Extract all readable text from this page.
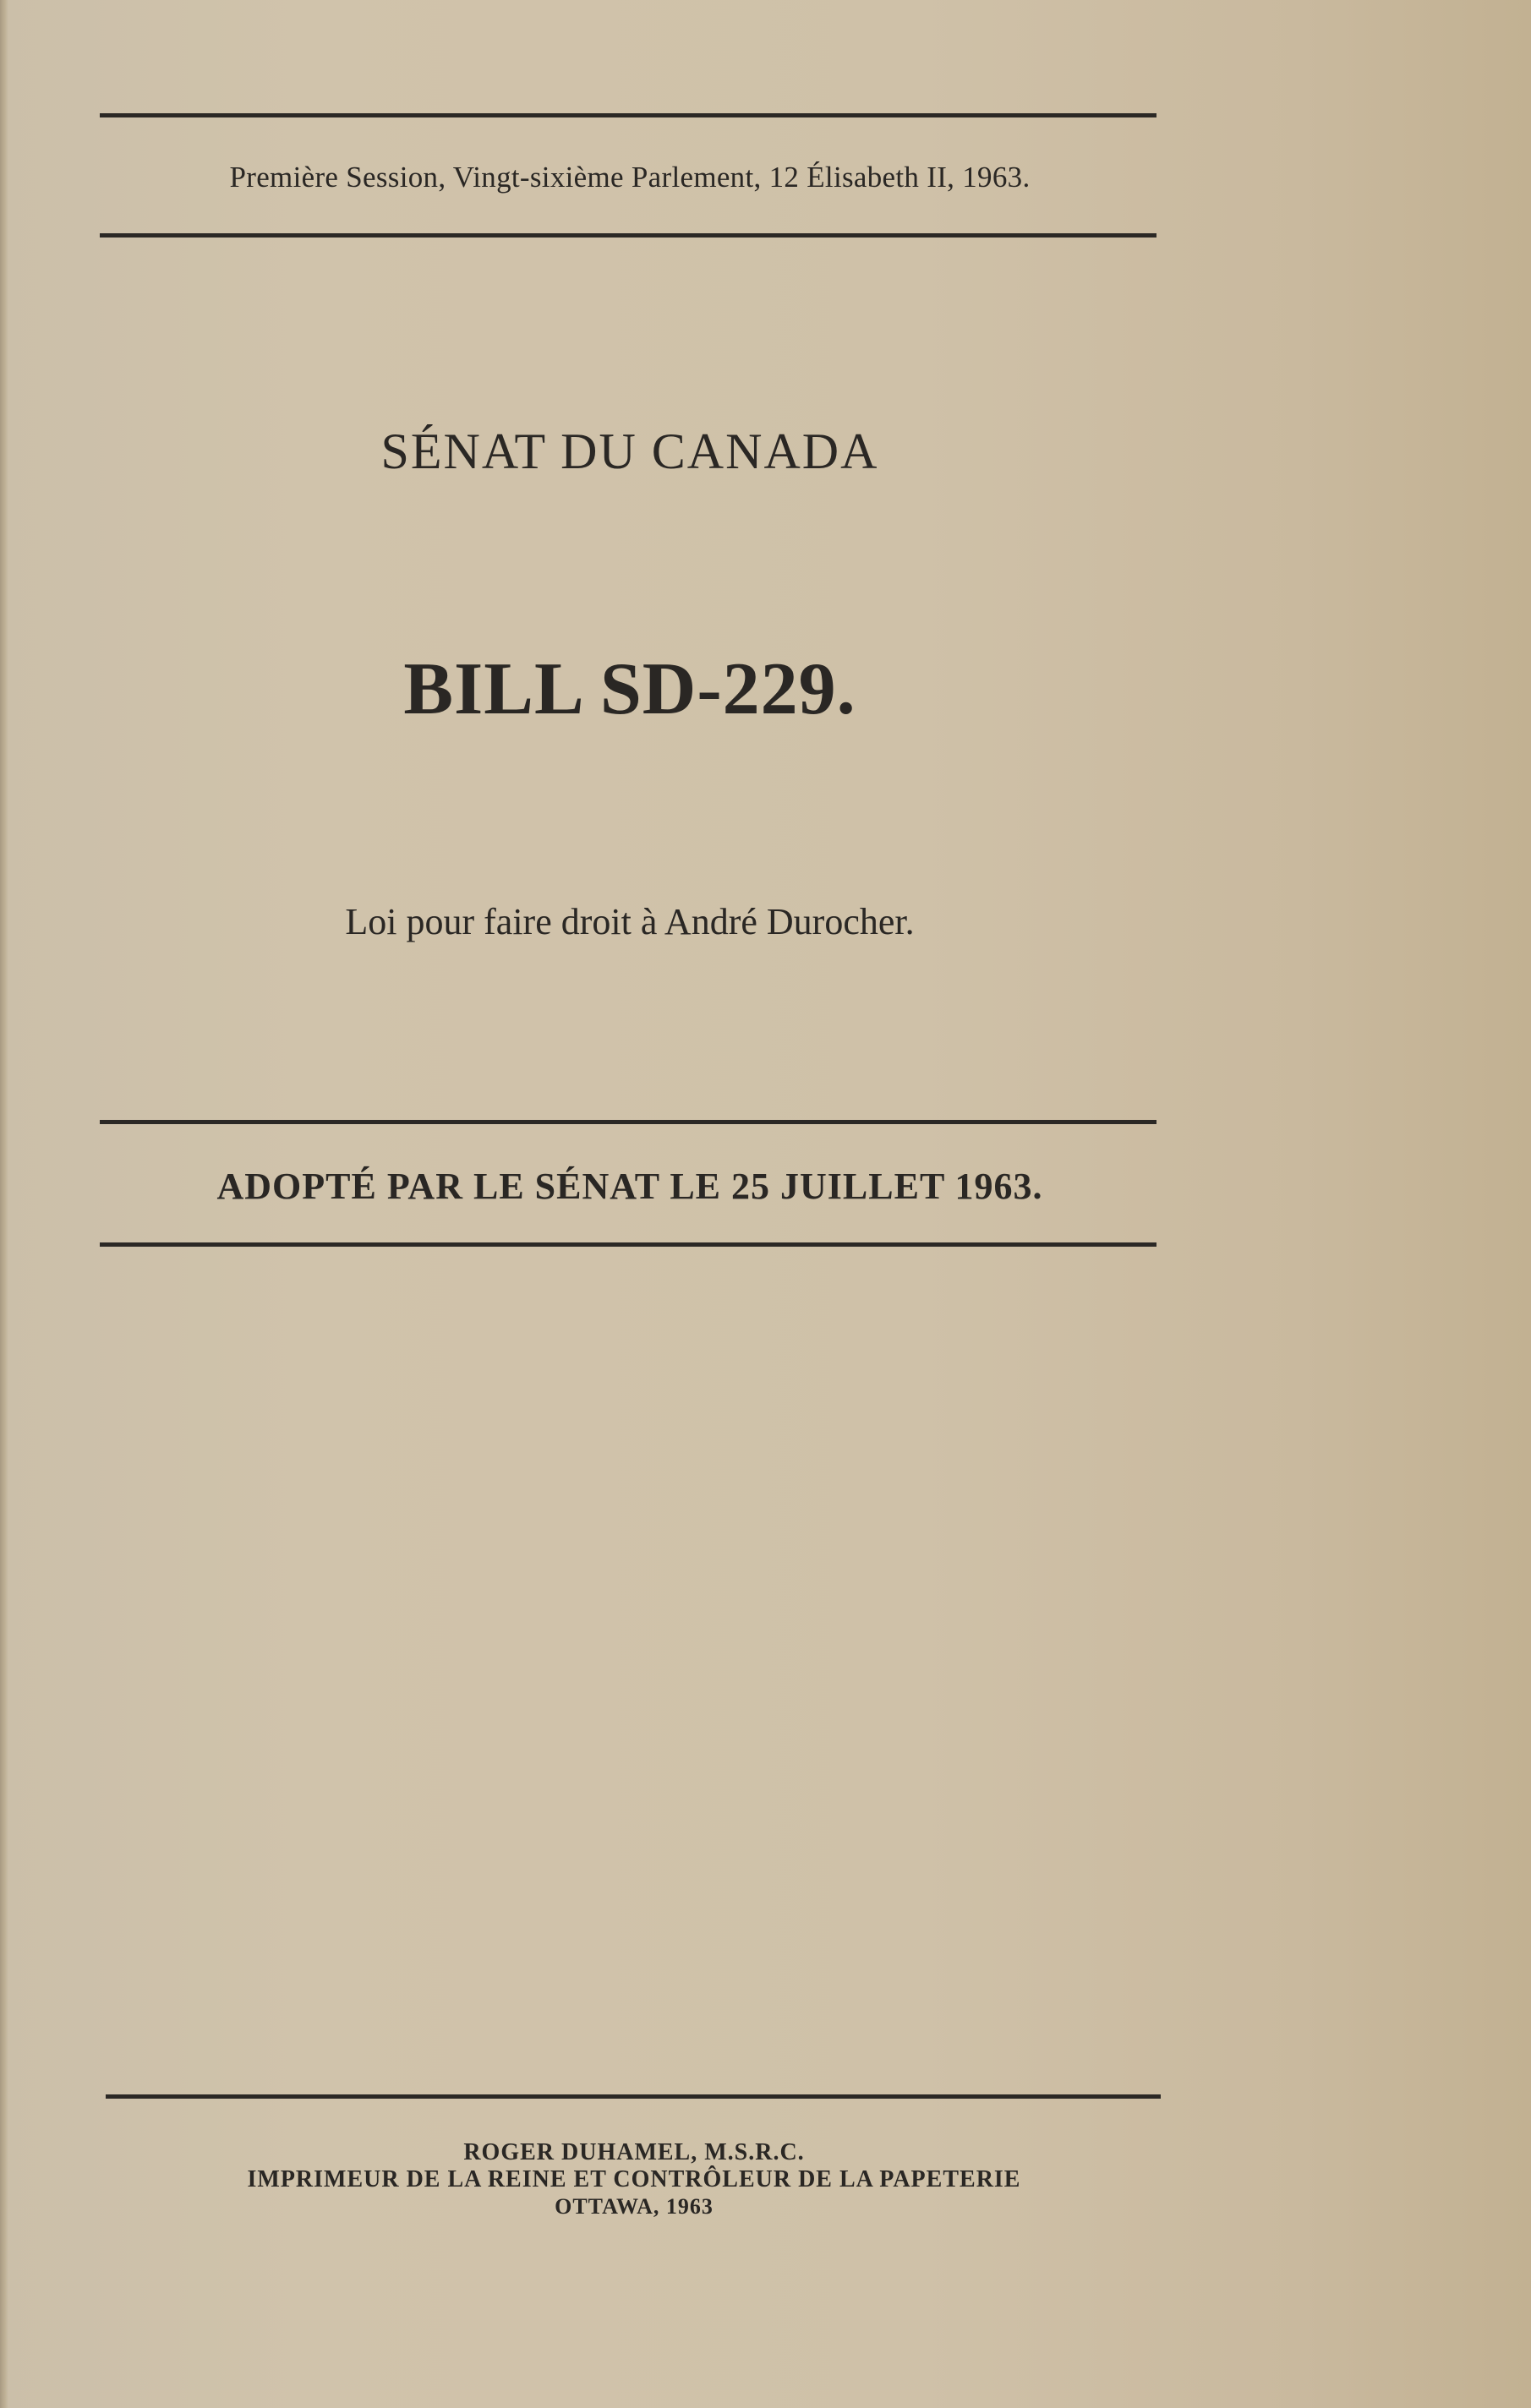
Première Session, Vingt-sixième Parlement, 12 Élisabeth II, 1963.
SÉNAT DU CANADA
BILL SD-229.
Loi pour faire droit à André Durocher.
ADOPTÉ PAR LE SÉNAT LE 25 JUILLET 1963.
ROGER DUHAMEL, M.S.R.C.
IMPRIMEUR DE LA REINE ET CONTRÔLEUR DE LA PAPETERIE
OTTAWA, 1963
